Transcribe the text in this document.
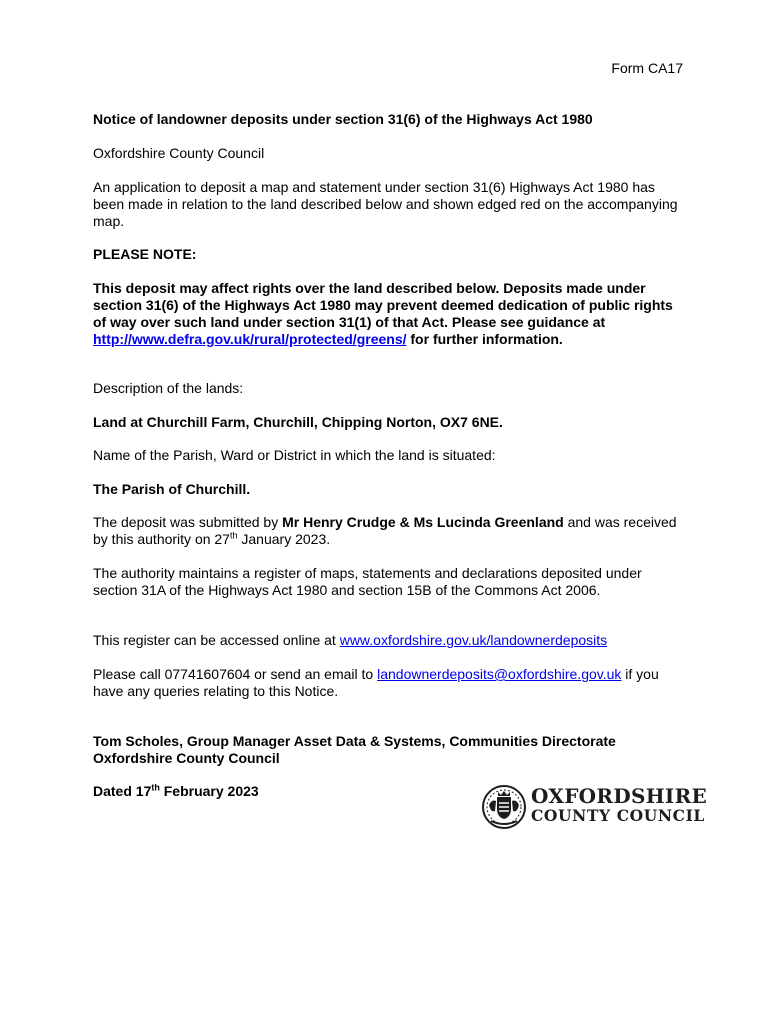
Form CA17

Notice of landowner deposits under section 31(6) of the Highways Act 1980

Oxfordshire County Council

An application to deposit a map and statement under section 31(6) Highways Act 1980 has been made in relation to the land described below and shown edged red on the accompanying map.

PLEASE NOTE:

This deposit may affect rights over the land described below. Deposits made under section 31(6) of the Highways Act 1980 may prevent deemed dedication of public rights of way over such land under section 31(1) of that Act. Please see guidance at http://www.defra.gov.uk/rural/protected/greens/ for further information.

Description of the lands:

Land at Churchill Farm, Churchill, Chipping Norton, OX7 6NE.

Name of the Parish, Ward or District in which the land is situated:

The Parish of Churchill.

The deposit was submitted by Mr Henry Crudge & Ms Lucinda Greenland and was received by this authority on 27th January 2023.

The authority maintains a register of maps, statements and declarations deposited under section 31A of the Highways Act 1980 and section 15B of the Commons Act 2006.

This register can be accessed online at www.oxfordshire.gov.uk/landownerdeposits

Please call 07741607604 or send an email to landownerdeposits@oxfordshire.gov.uk if you have any queries relating to this Notice.

Tom Scholes, Group Manager Asset Data & Systems, Communities Directorate
Oxfordshire County Council

Dated 17th February 2023	OXFORDSHIRE
COUNTY COUNCIL
